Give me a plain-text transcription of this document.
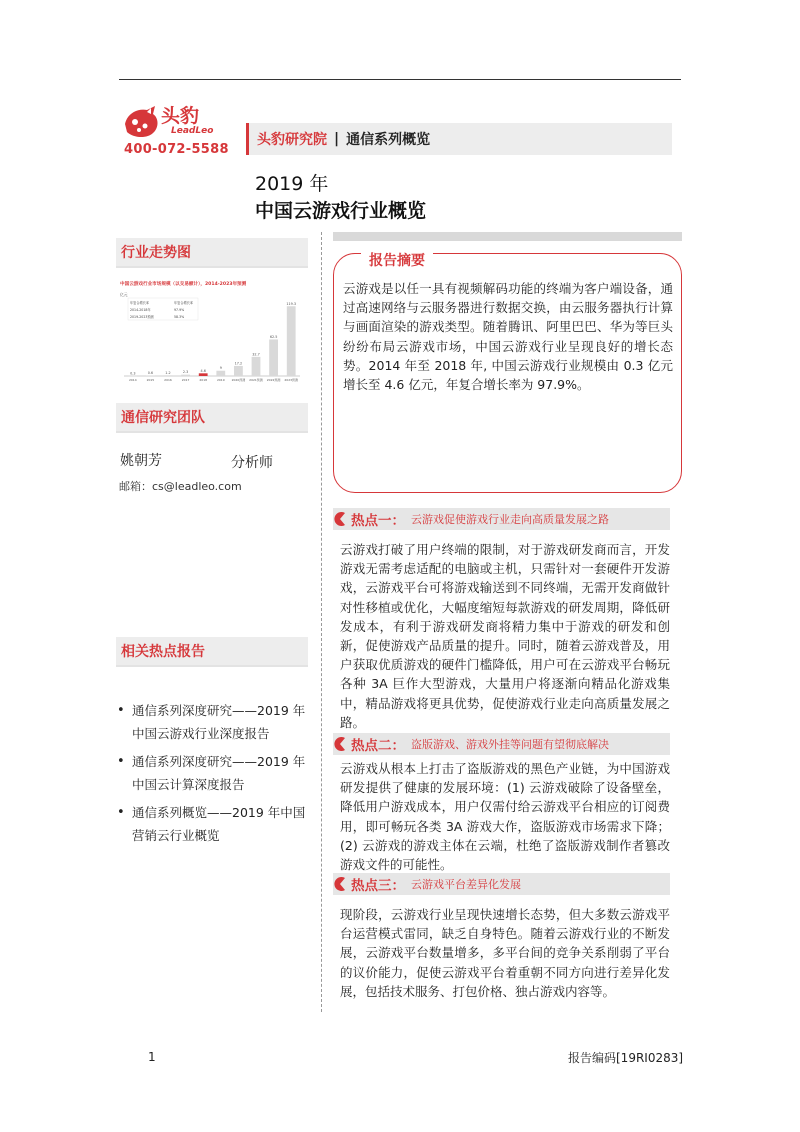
头豹
LeadLeo
400-072-5588
头豹研究院 | 通信系列概览
2019 年
中国云游戏行业概览
行业走势图
中国云游戏行业市场规模（以交易额计），2014-2023年预测
亿元
0.3
2014
0.6
2015
1.2
2016
2.3
2017
4.6
2018
9
2019
17.2
2020预测
32.7
2021预测
62.5
2022预测
119.3
2023预测
年复合增长率	年复合增长率
2014-2018年	97.9%
2019-2023预测	58.3%
通信研究团队
姚朝芳	分析师
邮箱：cs@leadleo.com
相关热点报告
• 通信系列深度研究——2019 年中国云游戏行业深度报告
• 通信系列深度研究——2019 年中国云计算深度报告
• 通信系列概览——2019 年中国营销云行业概览
报告摘要
云游戏是以任一具有视频解码功能的终端为客户端设备，通过高速网络与云服务器进行数据交换，由云服务器执行计算与画面渲染的游戏类型。随着腾讯、阿里巴巴、华为等巨头纷纷布局云游戏市场，中国云游戏行业呈现良好的增长态势。2014 年至 2018 年, 中国云游戏行业规模由 0.3 亿元增长至 4.6 亿元，年复合增长率为 97.9%。
热点一： 云游戏促使游戏行业走向高质量发展之路
云游戏打破了用户终端的限制，对于游戏研发商而言，开发游戏无需考虑适配的电脑或主机，只需针对一套硬件开发游戏，云游戏平台可将游戏输送到不同终端，无需开发商做针对性移植或优化，大幅度缩短每款游戏的研发周期，降低研发成本，有利于游戏研发商将精力集中于游戏的研发和创新，促使游戏产品质量的提升。同时，随着云游戏普及，用户获取优质游戏的硬件门槛降低，用户可在云游戏平台畅玩各种 3A 巨作大型游戏，大量用户将逐渐向精品化游戏集中，精品游戏将更具优势，促使游戏行业走向高质量发展之路。
热点二： 盗版游戏、游戏外挂等问题有望彻底解决
云游戏从根本上打击了盗版游戏的黑色产业链，为中国游戏研发提供了健康的发展环境：(1) 云游戏破除了设备壁垒，降低用户游戏成本，用户仅需付给云游戏平台相应的订阅费用，即可畅玩各类 3A 游戏大作，盗版游戏市场需求下降；(2) 云游戏的游戏主体在云端，杜绝了盗版游戏制作者篡改游戏文件的可能性。
热点三： 云游戏平台差异化发展
现阶段，云游戏行业呈现快速增长态势，但大多数云游戏平台运营模式雷同，缺乏自身特色。随着云游戏行业的不断发展，云游戏平台数量增多，多平台间的竞争关系削弱了平台的议价能力，促使云游戏平台着重朝不同方向进行差异化发展，包括技术服务、打包价格、独占游戏内容等。
1	报告编码[19RI0283]
